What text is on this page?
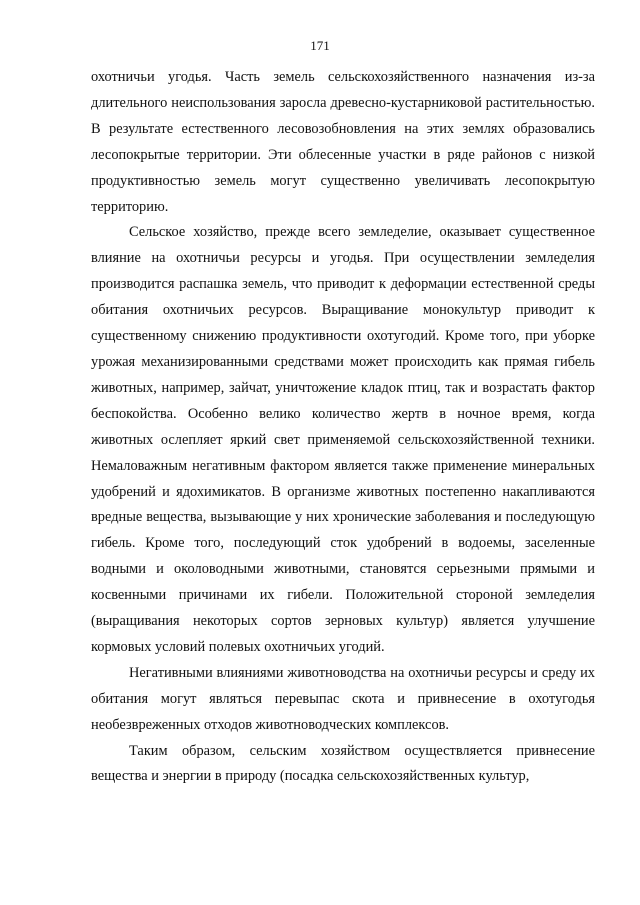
171

охотничьи угодья. Часть земель сельскохозяйственного назначения из-за длительного неиспользования заросла древесно-кустарниковой растительностью. В результате естественного лесовозобновления на этих землях образовались лесопокрытые территории. Эти облесенные участки в ряде районов с низкой продуктивностью земель могут существенно увеличивать лесопокрытую территорию.

Сельское хозяйство, прежде всего земледелие, оказывает существенное влияние на охотничьи ресурсы и угодья. При осуществлении земледелия производится распашка земель, что приводит к деформации естественной среды обитания охотничьих ресурсов. Выращивание монокультур приводит к существенному снижению продуктивности охотугодий. Кроме того, при уборке урожая механизированными средствами может происходить как прямая гибель животных, например, зайчат, уничтожение кладок птиц, так и возрастать фактор беспокойства. Особенно велико количество жертв в ночное время, когда животных ослепляет яркий свет применяемой сельскохозяйственной техники. Немаловажным негативным фактором является также применение минеральных удобрений и ядохимикатов. В организме животных постепенно накапливаются вредные вещества, вызывающие у них хронические заболевания и последующую гибель. Кроме того, последующий сток удобрений в водоемы, заселенные водными и околоводными животными, становятся серьезными прямыми и косвенными причинами их гибели. Положительной стороной земледелия (выращивания некоторых сортов зерновых культур) является улучшение кормовых условий полевых охотничьих угодий.

Негативными влияниями животноводства на охотничьи ресурсы и среду их обитания могут являться перевыпас скота и привнесение в охотугодья необезвреженных отходов животноводческих комплексов.

Таким образом, сельским хозяйством осуществляется привнесение вещества и энергии в природу (посадка сельскохозяйственных культур,
